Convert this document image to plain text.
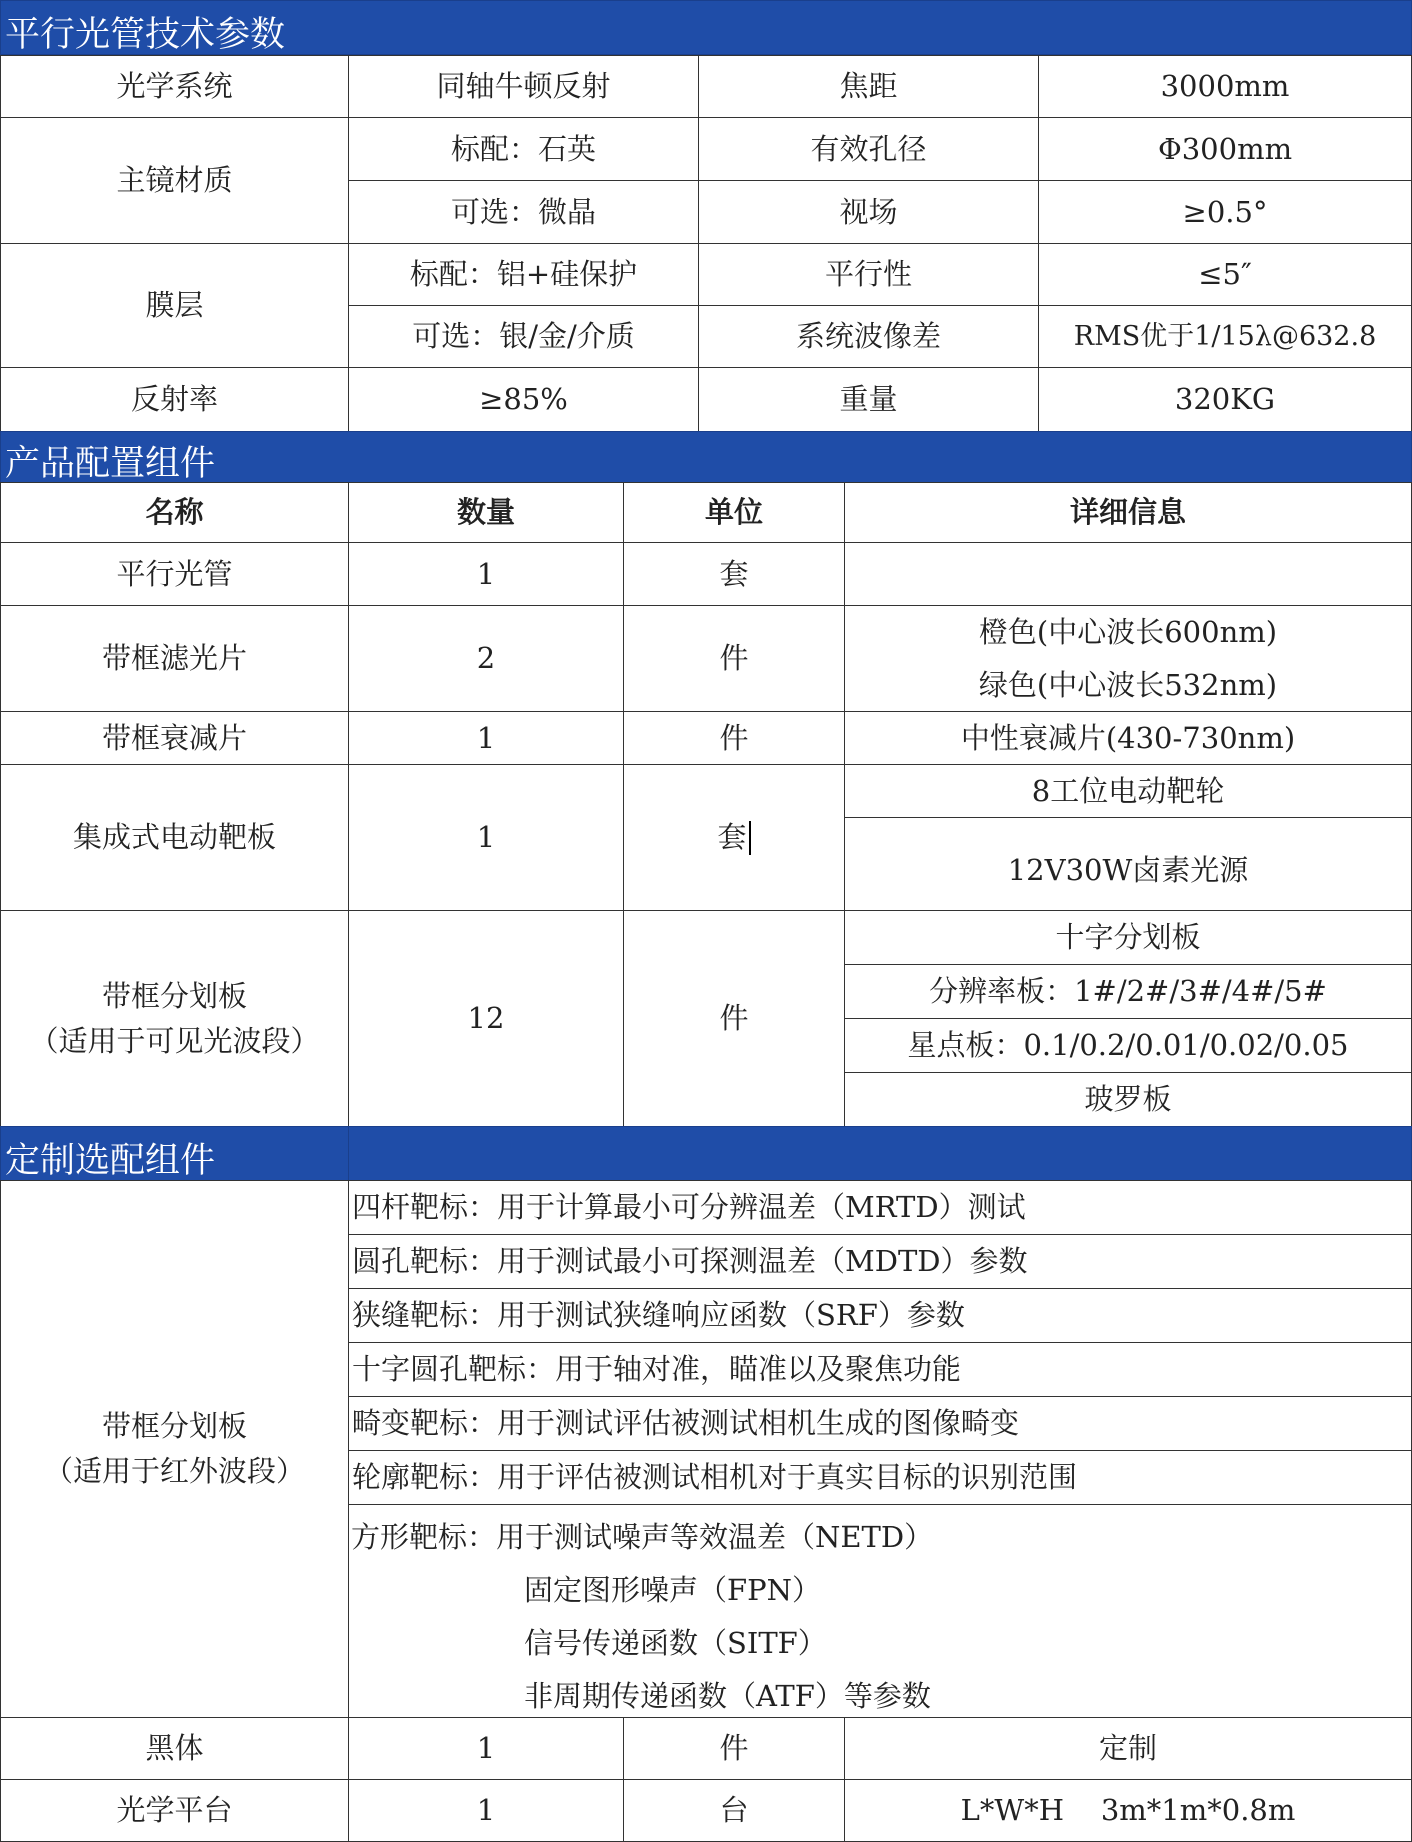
平行光管技术参数
光学系统	同轴牛顿反射	焦距	3000mm
主镜材质
标配：石英	有效孔径	Φ300mm
可选：微晶	视场	≥0.5°
膜层
标配：铝+硅保护	平行性	≤5″
可选：银/金/介质	系统波像差	RMS优于1/15λ@632.8
反射率	≥85%	重量	320KG
产品配置组件
名称	数量	单位	详细信息
平行光管	1	套
带框滤光片	2	件
橙色(中心波长600nm)
绿色(中心波长532nm)
带框衰减片	1	件	中性衰减片(430-730nm)
集成式电动靶板	1	套
8工位电动靶轮
12V30W卤素光源
带框分划板
（适用于可见光波段）
12	件
十字分划板
分辨率板：1#/2#/3#/4#/5#
星点板：0.1/0.2/0.01/0.02/0.05
玻罗板
定制选配组件
带框分划板
（适用于红外波段）
四杆靶标：用于计算最小可分辨温差（MRTD）测试
圆孔靶标：用于测试最小可探测温差（MDTD）参数
狭缝靶标：用于测试狭缝响应函数（SRF）参数
十字圆孔靶标：用于轴对准，瞄准以及聚焦功能
畸变靶标：用于测试评估被测试相机生成的图像畸变
轮廓靶标：用于评估被测试相机对于真实目标的识别范围
方形靶标：用于测试噪声等效温差（NETD）
固定图形噪声（FPN）
信号传递函数（SITF）
非周期传递函数（ATF）等参数
黑体	1	件	定制
光学平台	1	台	L*W*H    3m*1m*0.8m
